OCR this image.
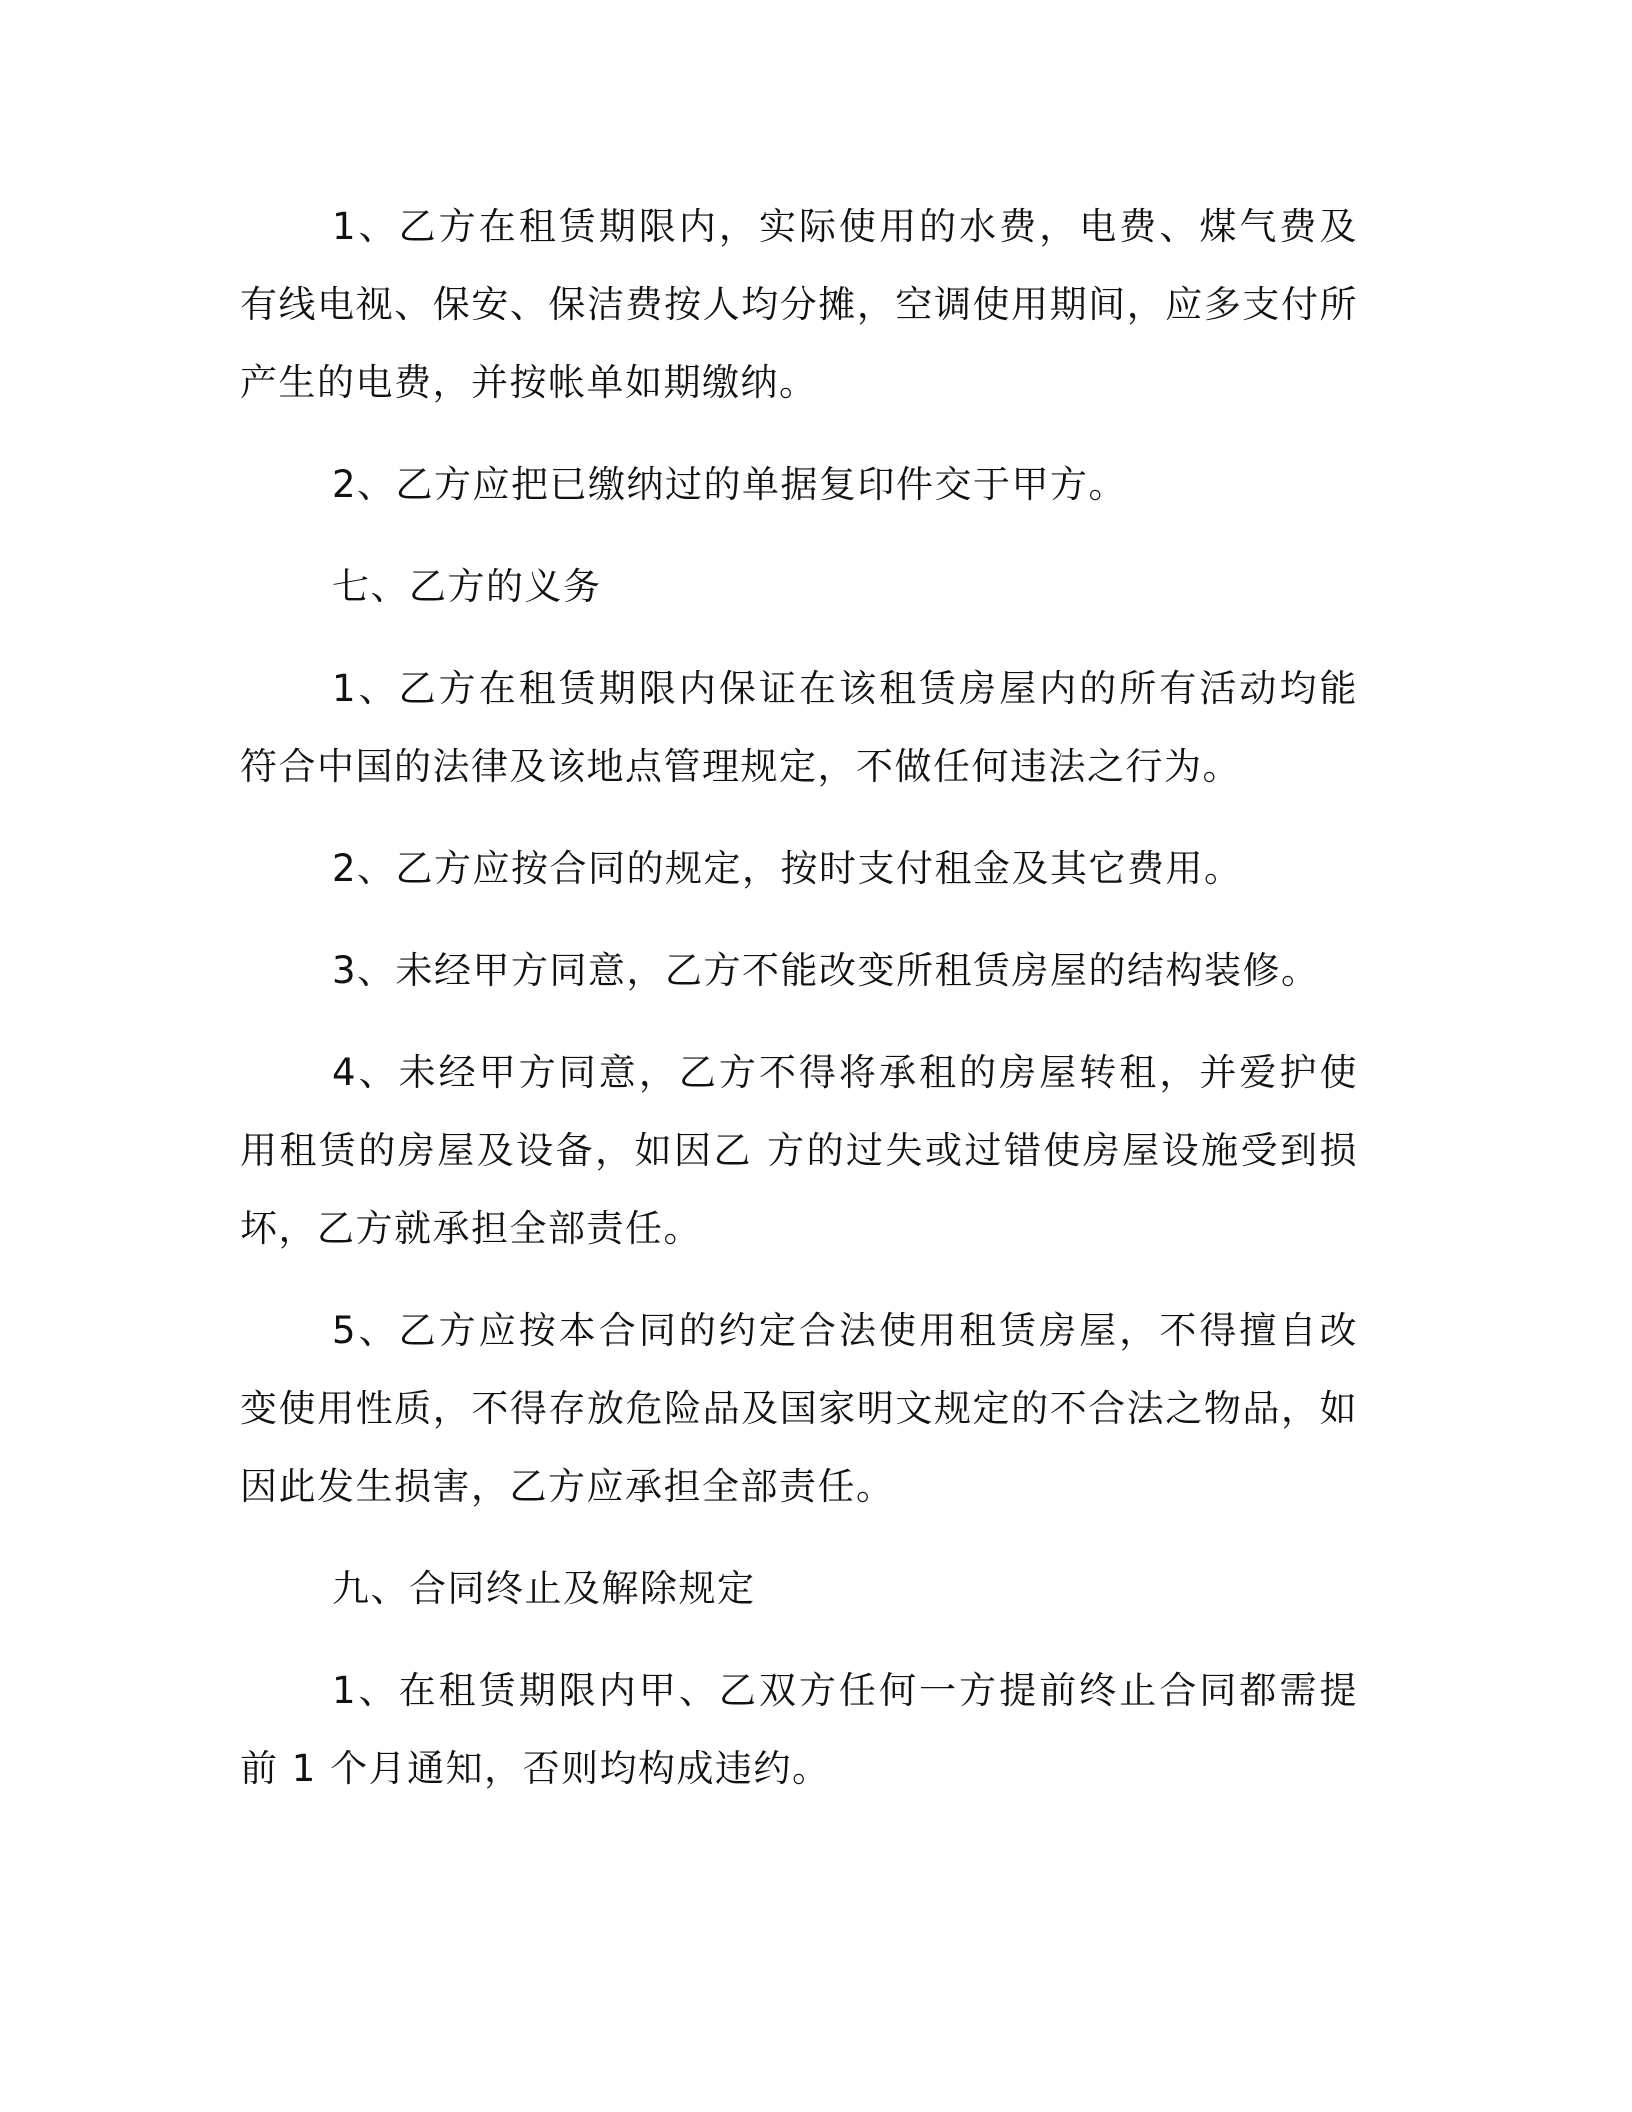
1、乙方在租赁期限内，实际使用的水费，电费、煤气费及有线电视、保安、保洁费按人均分摊，空调使用期间，应多支付所产生的电费，并按帐单如期缴纳。

2、乙方应把已缴纳过的单据复印件交于甲方。

七、乙方的义务

1、乙方在租赁期限内保证在该租赁房屋内的所有活动均能符合中国的法律及该地点管理规定，不做任何违法之行为。

2、乙方应按合同的规定，按时支付租金及其它费用。

3、未经甲方同意，乙方不能改变所租赁房屋的结构装修。

4、未经甲方同意，乙方不得将承租的房屋转租，并爱护使用租赁的房屋及设备，如因乙 方的过失或过错使房屋设施受到损坏，乙方就承担全部责任。

5、乙方应按本合同的约定合法使用租赁房屋，不得擅自改变使用性质，不得存放危险品及国家明文规定的不合法之物品，如因此发生损害，乙方应承担全部责任。

九、合同终止及解除规定

1、在租赁期限内甲、乙双方任何一方提前终止合同都需提前 1 个月通知，否则均构成违约。
